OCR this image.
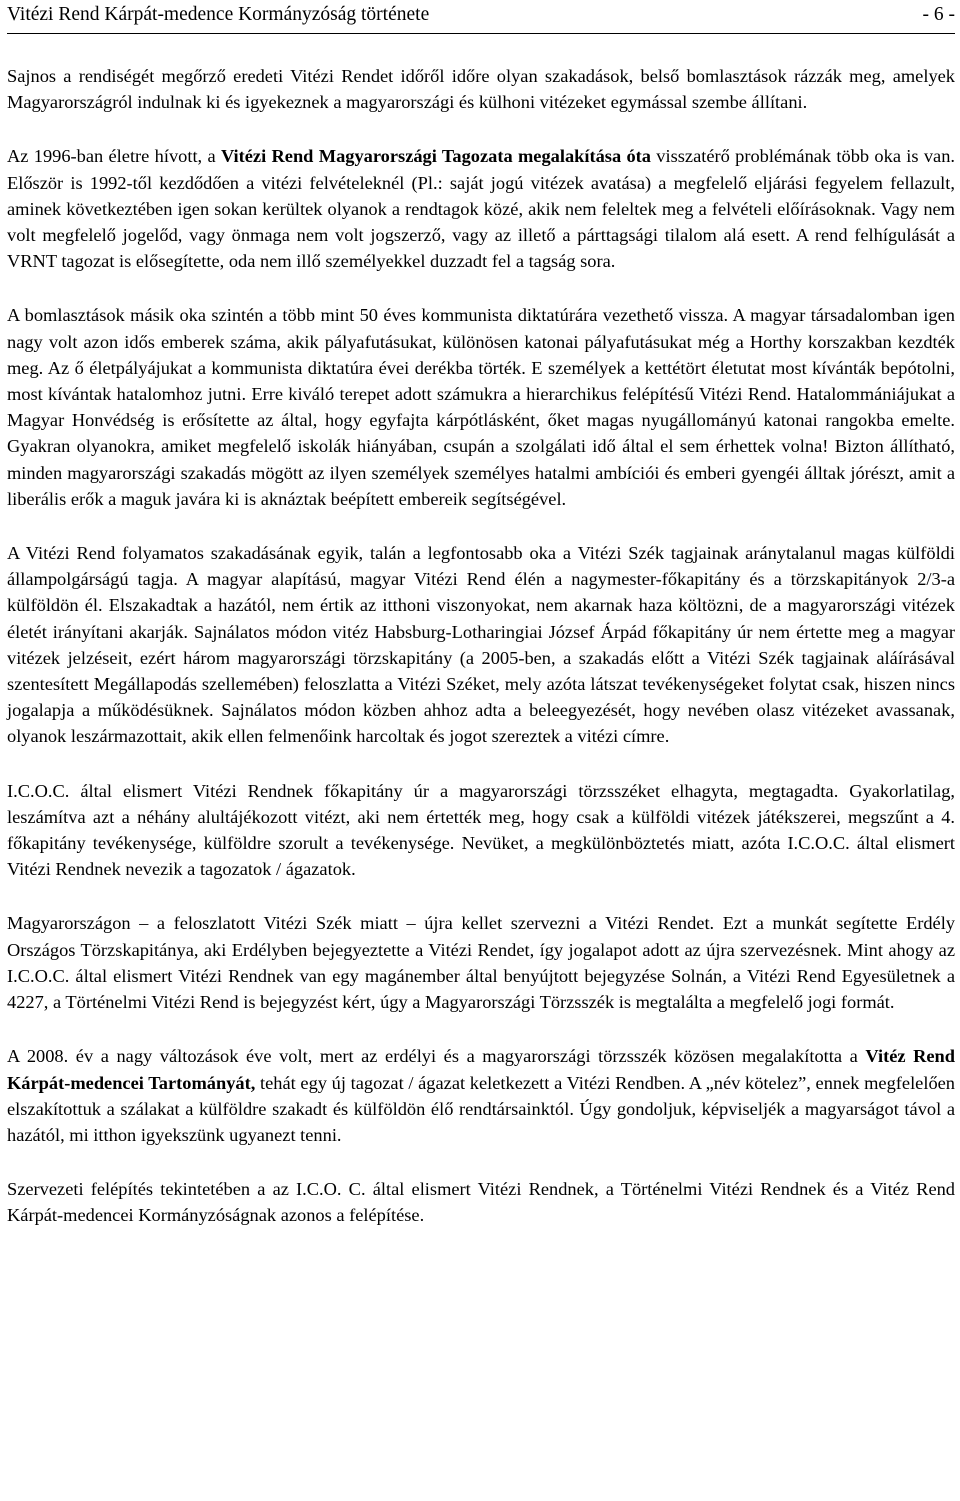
Vitézi Rend Kárpát-medence Kormányzóság története	- 6 -

Sajnos a rendiségét megőrző eredeti Vitézi Rendet időről időre olyan szakadások, belső bomlasztások rázzák meg, amelyek Magyarországról indulnak ki és igyekeznek a magyarországi és külhoni vitézeket egymással szembe állítani.

Az 1996-ban életre hívott, a Vitézi Rend Magyarországi Tagozata megalakítása óta visszatérő problémának több oka is van. Először is 1992-től kezdődően a vitézi felvételeknél (Pl.: saját jogú vitézek avatása) a megfelelő eljárási fegyelem fellazult, aminek következtében igen sokan kerültek olyanok a rendtagok közé, akik nem feleltek meg a felvételi előírásoknak. Vagy nem volt megfelelő jogelőd, vagy önmaga nem volt jogszerző, vagy az illető a párttagsági tilalom alá esett. A rend felhígulását a VRNT tagozat is elősegítette, oda nem illő személyekkel duzzadt fel a tagság sora.

A bomlasztások másik oka szintén a több mint 50 éves kommunista diktatúrára vezethető vissza. A magyar társadalomban igen nagy volt azon idős emberek száma, akik pályafutásukat, különösen katonai pályafutásukat még a Horthy korszakban kezdték meg. Az ő életpályájukat a kommunista diktatúra évei derékba törték. E személyek a kettétört életutat most kívánták bepótolni, most kívántak hatalomhoz jutni. Erre kiváló terepet adott számukra a hierarchikus felépítésű Vitézi Rend. Hatalommániájukat a Magyar Honvédség is erősítette az által, hogy egyfajta kárpótlásként, őket magas nyugállományú katonai rangokba emelte. Gyakran olyanokra, amiket megfelelő iskolák hiányában, csupán a szolgálati idő által el sem érhettek volna! Bizton állítható, minden magyarországi szakadás mögött az ilyen személyek személyes hatalmi ambíciói és emberi gyengéi álltak jórészt, amit a liberális erők a maguk javára ki is aknáztak beépített embereik segítségével.

A Vitézi Rend folyamatos szakadásának egyik, talán a legfontosabb oka a Vitézi Szék tagjainak aránytalanul magas külföldi állampolgárságú tagja. A magyar alapítású, magyar Vitézi Rend élén a nagymester-főkapitány és a törzskapitányok 2/3-a külföldön él. Elszakadtak a hazától, nem értik az itthoni viszonyokat, nem akarnak haza költözni, de a magyarországi vitézek életét irányítani akarják. Sajnálatos módon vitéz Habsburg-Lotharingiai József Árpád főkapitány úr nem értette meg a magyar vitézek jelzéseit, ezért három magyarországi törzskapitány (a 2005-ben, a szakadás előtt a Vitézi Szék tagjainak aláírásával szentesített Megállapodás szellemében) feloszlatta a Vitézi Széket, mely azóta látszat tevékenységeket folytat csak, hiszen nincs jogalapja a működésüknek. Sajnálatos módon közben ahhoz adta a beleegyezését, hogy nevében olasz vitézeket avassanak, olyanok leszármazottait, akik ellen felmenőink harcoltak és jogot szereztek a vitézi címre.

I.C.O.C. által elismert Vitézi Rendnek főkapitány úr a magyarországi törzsszéket elhagyta, megtagadta. Gyakorlatilag, leszámítva azt a néhány alultájékozott vitézt, aki nem értették meg, hogy csak a külföldi vitézek játékszerei, megszűnt a 4. főkapitány tevékenysége, külföldre szorult a tevékenysége. Nevüket, a megkülönböztetés miatt, azóta I.C.O.C. által elismert Vitézi Rendnek nevezik a tagozatok / ágazatok.

Magyarországon – a feloszlatott Vitézi Szék miatt – újra kellet szervezni a Vitézi Rendet. Ezt a munkát segítette Erdély Országos Törzskapitánya, aki Erdélyben bejegyeztette a Vitézi Rendet, így jogalapot adott az újra szervezésnek. Mint ahogy az I.C.O.C. által elismert Vitézi Rendnek van egy magánember által benyújtott bejegyzése Solnán, a Vitézi Rend Egyesületnek a 4227, a Történelmi Vitézi Rend is bejegyzést kért, úgy a Magyarországi Törzsszék is megtalálta a megfelelő jogi formát.

A 2008. év a nagy változások éve volt, mert az erdélyi és a magyarországi törzsszék közösen megalakította a Vitéz Rend Kárpát-medencei Tartományát, tehát egy új tagozat / ágazat keletkezett a Vitézi Rendben. A „név kötelez”, ennek megfelelően elszakítottuk a szálakat a külföldre szakadt és külföldön élő rendtársainktól. Úgy gondoljuk, képviseljék a magyarságot távol a hazától, mi itthon igyekszünk ugyanezt tenni.

Szervezeti felépítés tekintetében a az I.C.O. C. által elismert Vitézi Rendnek, a Történelmi Vitézi Rendnek és a Vitéz Rend Kárpát-medencei Kormányzóságnak azonos a felépítése.
